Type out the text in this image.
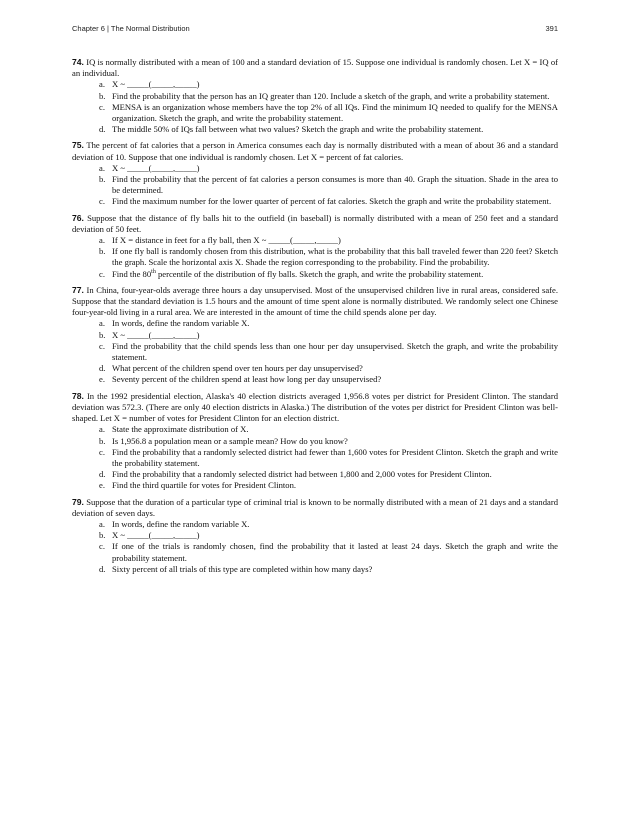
Chapter 6 | The Normal Distribution	391

74. IQ is normally distributed with a mean of 100 and a standard deviation of 15. Suppose one individual is randomly chosen. Let X = IQ of an individual.

a. X ~ _____(_____,_____)
b. Find the probability that the person has an IQ greater than 120. Include a sketch of the graph, and write a probability statement.
c. MENSA is an organization whose members have the top 2% of all IQs. Find the minimum IQ needed to qualify for the MENSA organization. Sketch the graph, and write the probability statement.
d. The middle 50% of IQs fall between what two values? Sketch the graph and write the probability statement.

75. The percent of fat calories that a person in America consumes each day is normally distributed with a mean of about 36 and a standard deviation of 10. Suppose that one individual is randomly chosen. Let X = percent of fat calories.

a. X ~ _____(_____,_____)
b. Find the probability that the percent of fat calories a person consumes is more than 40. Graph the situation. Shade in the area to be determined.
c. Find the maximum number for the lower quarter of percent of fat calories. Sketch the graph and write the probability statement.

76. Suppose that the distance of fly balls hit to the outfield (in baseball) is normally distributed with a mean of 250 feet and a standard deviation of 50 feet.

a. If X = distance in feet for a fly ball, then X ~ _____(_____,_____)
b. If one fly ball is randomly chosen from this distribution, what is the probability that this ball traveled fewer than 220 feet? Sketch the graph. Scale the horizontal axis X. Shade the region corresponding to the probability. Find the probability.
c. Find the 80th percentile of the distribution of fly balls. Sketch the graph, and write the probability statement.

77. In China, four-year-olds average three hours a day unsupervised. Most of the unsupervised children live in rural areas, considered safe. Suppose that the standard deviation is 1.5 hours and the amount of time spent alone is normally distributed. We randomly select one Chinese four-year-old living in a rural area. We are interested in the amount of time the child spends alone per day.

a. In words, define the random variable X.
b. X ~ _____(_____,_____)
c. Find the probability that the child spends less than one hour per day unsupervised. Sketch the graph, and write the probability statement.
d. What percent of the children spend over ten hours per day unsupervised?
e. Seventy percent of the children spend at least how long per day unsupervised?

78. In the 1992 presidential election, Alaska's 40 election districts averaged 1,956.8 votes per district for President Clinton. The standard deviation was 572.3. (There are only 40 election districts in Alaska.) The distribution of the votes per district for President Clinton was bell-shaped. Let X = number of votes for President Clinton for an election district.

a. State the approximate distribution of X.
b. Is 1,956.8 a population mean or a sample mean? How do you know?
c. Find the probability that a randomly selected district had fewer than 1,600 votes for President Clinton. Sketch the graph and write the probability statement.
d. Find the probability that a randomly selected district had between 1,800 and 2,000 votes for President Clinton.
e. Find the third quartile for votes for President Clinton.

79. Suppose that the duration of a particular type of criminal trial is known to be normally distributed with a mean of 21 days and a standard deviation of seven days.

a. In words, define the random variable X.
b. X ~ _____(_____,_____)
c. If one of the trials is randomly chosen, find the probability that it lasted at least 24 days. Sketch the graph and write the probability statement.
d. Sixty percent of all trials of this type are completed within how many days?
